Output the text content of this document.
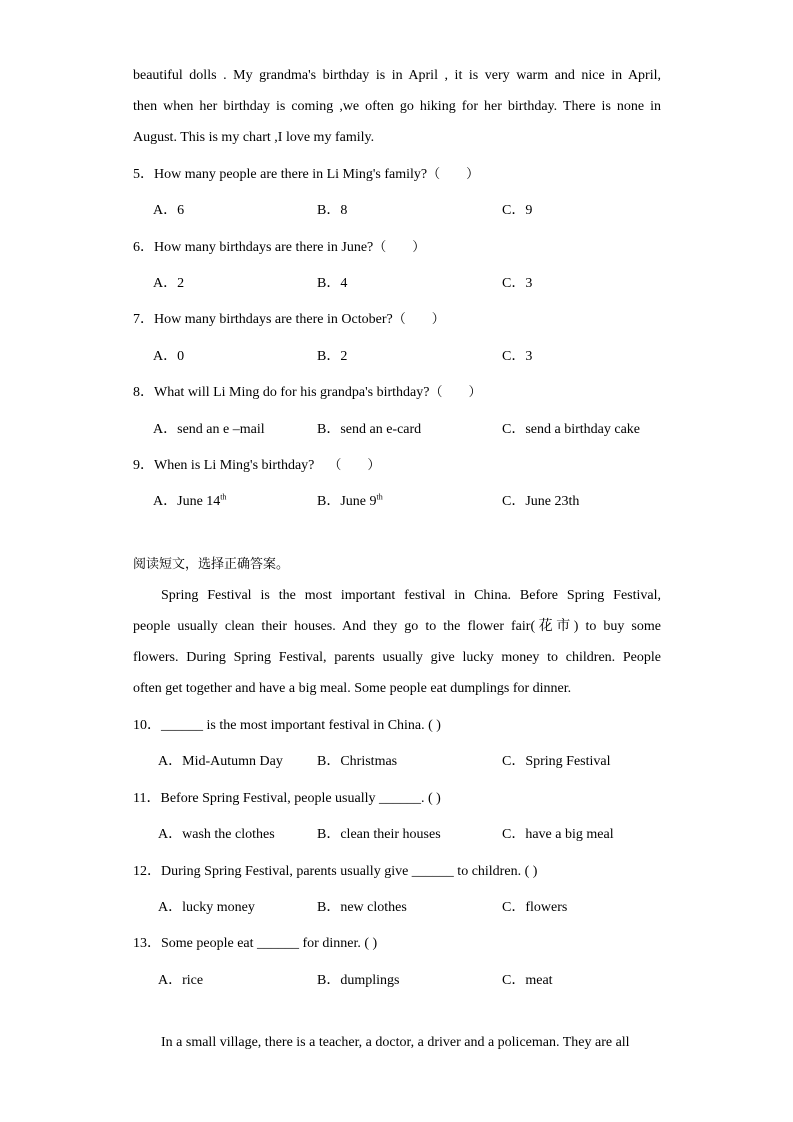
beautiful dolls . My grandma's birthday is in April , it is very warm and nice in April,
then when her birthday is coming ,we often go hiking for her birthday. There is none in
August. This is my chart ,I love my family.
5．How many people are there in Li Ming's family?（　　）
A．6	B．8	C．9
6．How many birthdays are there in June?（　　）
A．2	B．4	C．3
7．How many birthdays are there in October?（　　）
A．0	B．2	C．3
8．What will Li Ming do for his grandpa's birthday?（　　）
A．send an e –mail	B．send an e-card	C．send a birthday cake
9．When is Li Ming's birthday? （　　）
A．June 14th	B．June 9th	C．June 23th
阅读短文，选择正确答案。
Spring Festival is the most important festival in China. Before Spring Festival,
people usually clean their houses. And they go to the flower fair(花市) to buy some
flowers. During Spring Festival, parents usually give lucky money to children. People
often get together and have a big meal. Some people eat dumplings for dinner.
10．______ is the most important festival in China. ( )
A．Mid-Autumn Day B．Christmas	C．Spring Festival
11．Before Spring Festival, people usually ______. ( )
A．wash the clothes	B．clean their houses	C．have a big meal
12．During Spring Festival, parents usually give ______ to children. ( )
A．lucky money	B．new clothes	C．flowers
13．Some people eat ______ for dinner. ( )
A．rice	B．dumplings	C．meat
In a small village, there is a teacher, a doctor, a driver and a policeman. They are all
